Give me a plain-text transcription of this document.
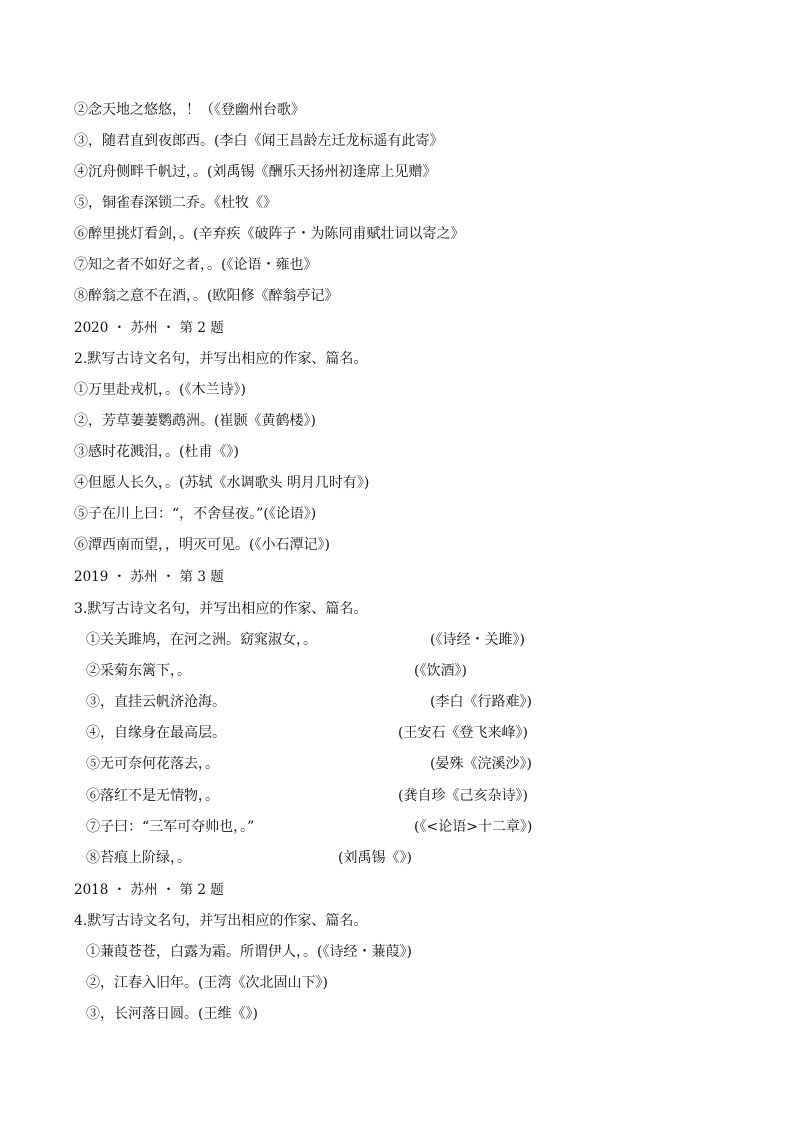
②念天地之悠悠，！（《登幽州台歌》
③，随君直到夜郎西。(李白《闻王昌龄左迁龙标遥有此寄》
④沉舟侧畔千帆过，。(刘禹锡《酬乐天扬州初逢席上见赠》
⑤，铜雀春深锁二乔。《杜牧《》
⑥醉里挑灯看剑，。(辛弃疾《破阵子・为陈同甫赋壮词以寄之》
⑦知之者不如好之者，。(《论语・雍也》
⑧醉翁之意不在酒，。(欧阳修《醉翁亭记》
2020 ・ 苏州 ・ 第 2 题
2.默写古诗文名句，并写出相应的作家、篇名。
①万里赴戎机，。(《木兰诗》)
②，芳草萋萋鹦鹉洲。(崔颢《黄鹤楼》)
③感时花溅泪，。(杜甫《》)
④但愿人长久，。(苏轼《水调歌头 明月几时有》)
⑤子在川上曰：“，不舍昼夜。”(《论语》)
⑥潭西南而望，，明灭可见。(《小石潭记》)
2019 ・ 苏州 ・ 第 3 题
3.默写古诗文名句，并写出相应的作家、篇名。
①关关雎鸠，在河之洲。窈窕淑女，。	(《诗经・关雎》)
②采菊东篱下，。	(《饮酒》)
③，直挂云帆济沧海。	(李白《行路难》)
④，自缘身在最高层。	(王安石《登飞来峰》)
⑤无可奈何花落去，。	(晏殊《浣溪沙》)
⑥落红不是无情物，。	(龚自珍《己亥杂诗》)
⑦子曰：“三军可夺帅也，。”	(《<论语>十二章》)
⑧苔痕上阶绿，。	(刘禹锡《》)
2018 ・ 苏州 ・ 第 2 题
4.默写古诗文名句，并写出相应的作家、篇名。
①蒹葭苍苍，白露为霜。所谓伊人，。(《诗经・蒹葭》)
②，江春入旧年。(王湾《次北固山下》)
③，长河落日圆。(王维《》)
